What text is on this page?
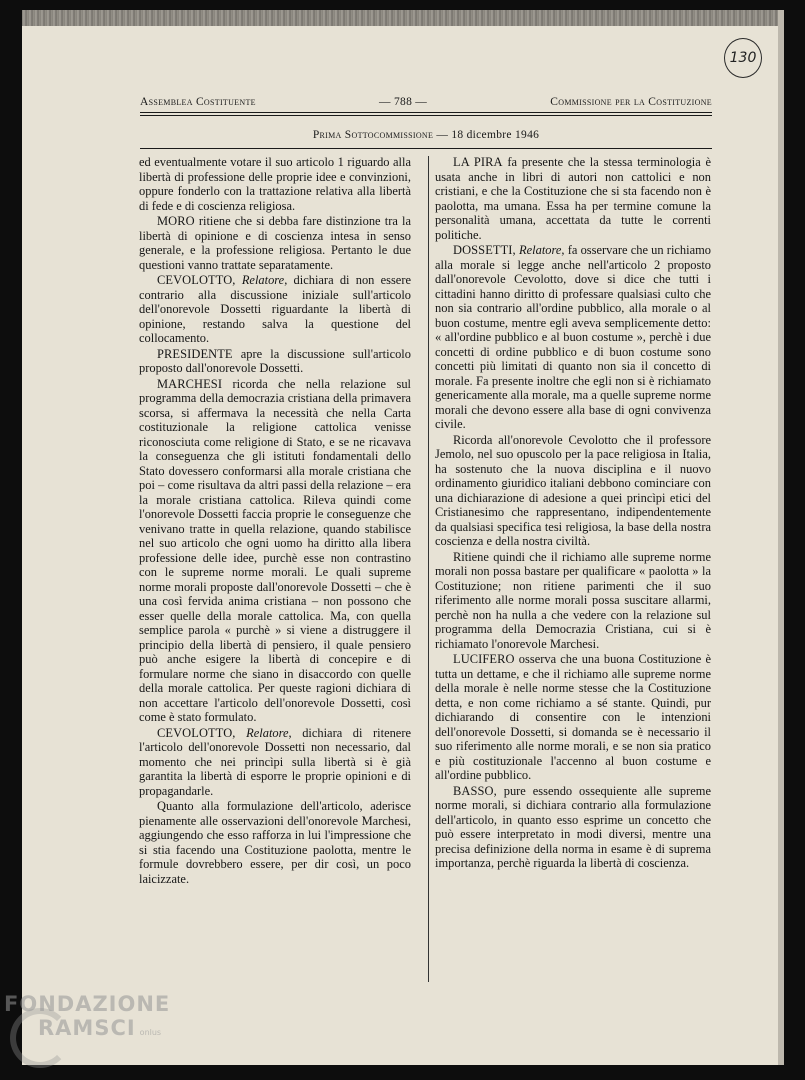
130
Assemblea Costituente	— 788 —	Commissione per la Costituzione
Prima Sottocommissione — 18 dicembre 1946

ed eventualmente votare il suo articolo 1 riguardo alla libertà di professione delle proprie idee e convinzioni, oppure fonderlo con la trattazione relativa alla libertà di fede e di coscienza religiosa.

MORO ritiene che si debba fare distinzione tra la libertà di opinione e di coscienza intesa in senso generale, e la professione religiosa. Pertanto le due questioni vanno trattate separatamente.

CEVOLOTTO, Relatore, dichiara di non essere contrario alla discussione iniziale sull'articolo dell'onorevole Dossetti riguardante la libertà di opinione, restando salva la questione del collocamento.

PRESIDENTE apre la discussione sull'articolo proposto dall'onorevole Dossetti.

MARCHESI ricorda che nella relazione sul programma della democrazia cristiana della primavera scorsa, si affermava la necessità che nella Carta costituzionale la religione cattolica venisse riconosciuta come religione di Stato, e se ne ricavava la conseguenza che gli istituti fondamentali dello Stato dovessero conformarsi alla morale cristiana che poi – come risultava da altri passi della relazione – era la morale cristiana cattolica. Rileva quindi come l'onorevole Dossetti faccia proprie le conseguenze che venivano tratte in quella relazione, quando stabilisce nel suo articolo che ogni uomo ha diritto alla libera professione delle idee, purchè esse non contrastino con le supreme norme morali. Le quali supreme norme morali proposte dall'onorevole Dossetti – che è una così fervida anima cristiana – non possono che esser quelle della morale cattolica. Ma, con quella semplice parola « purchè » si viene a distruggere il principio della libertà di pensiero, il quale pensiero può anche esigere la libertà di concepire e di formulare norme che siano in disaccordo con quelle della morale cattolica. Per queste ragioni dichiara di non accettare l'articolo dell'onorevole Dossetti, così come è stato formulato.

CEVOLOTTO, Relatore, dichiara di ritenere l'articolo dell'onorevole Dossetti non necessario, dal momento che nei princìpi sulla libertà si è già garantita la libertà di esporre le proprie opinioni e di propagandarle.

Quanto alla formulazione dell'articolo, aderisce pienamente alle osservazioni dell'onorevole Marchesi, aggiungendo che esso rafforza in lui l'impressione che si stia facendo una Costituzione paolotta, mentre le formule dovrebbero essere, per dir così, un poco laicizzate.

LA PIRA fa presente che la stessa terminologia è usata anche in libri di autori non cattolici e non cristiani, e che la Costituzione che si sta facendo non è paolotta, ma umana. Essa ha per termine comune la personalità umana, accettata da tutte le correnti politiche.

DOSSETTI, Relatore, fa osservare che un richiamo alla morale si legge anche nell'articolo 2 proposto dall'onorevole Cevolotto, dove si dice che tutti i cittadini hanno diritto di professare qualsiasi culto che non sia contrario all'ordine pubblico, alla morale o al buon costume, mentre egli aveva semplicemente detto: « all'ordine pubblico e al buon costume », perchè i due concetti di ordine pubblico e di buon costume sono concetti più limitati di quanto non sia il concetto di morale. Fa presente inoltre che egli non si è richiamato genericamente alla morale, ma a quelle supreme norme morali che devono essere alla base di ogni convivenza civile.

Ricorda all'onorevole Cevolotto che il professore Jemolo, nel suo opuscolo per la pace religiosa in Italia, ha sostenuto che la nuova disciplina e il nuovo ordinamento giuridico italiani debbono cominciare con una dichiarazione di adesione a quei princìpi etici del Cristianesimo che rappresentano, indipendentemente da qualsiasi specifica tesi religiosa, la base della nostra coscienza e della nostra civiltà.

Ritiene quindi che il richiamo alle supreme norme morali non possa bastare per qualificare « paolotta » la Costituzione; non ritiene parimenti che il suo riferimento alle norme morali possa suscitare allarmi, perchè non ha nulla a che vedere con la relazione sul programma della Democrazia Cristiana, cui si è richiamato l'onorevole Marchesi.

LUCIFERO osserva che una buona Costituzione è tutta un dettame, e che il richiamo alle supreme norme della morale è nelle norme stesse che la Costituzione detta, e non come richiamo a sé stante. Quindi, pur dichiarando di consentire con le intenzioni dell'onorevole Dossetti, si domanda se è necessario il suo riferimento alle norme morali, e se non sia pratico e più costituzionale l'accenno al buon costume e all'ordine pubblico.

BASSO, pure essendo ossequiente alle supreme norme morali, si dichiara contrario alla formulazione dell'articolo, in quanto esso esprime un concetto che può essere interpretato in modi diversi, mentre una precisa definizione della norma in esame è di suprema importanza, perchè riguarda la libertà di coscienza.

FONDAZIONE
RAMSCI onlus
